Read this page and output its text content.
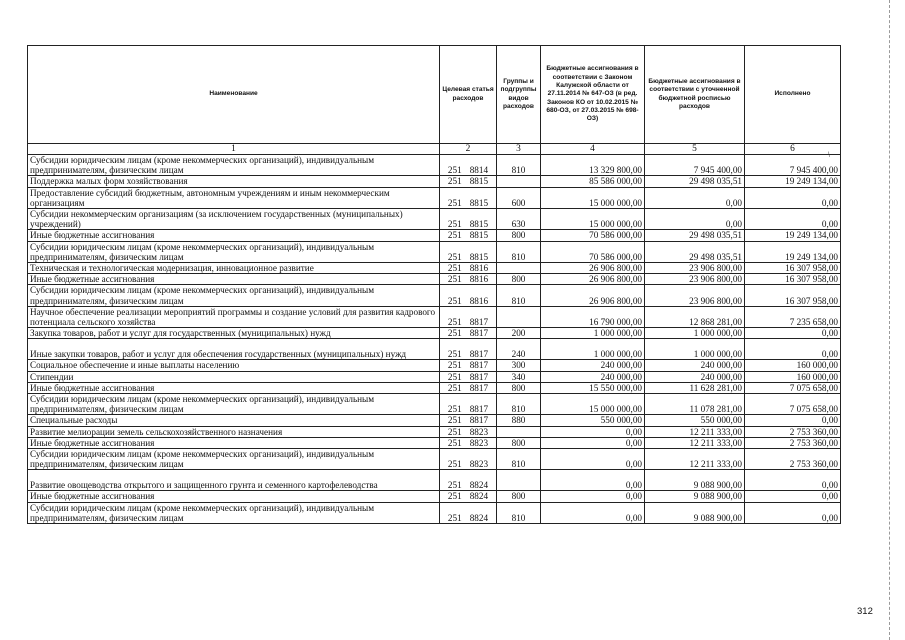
\
Наименование	Целевая статья расходов	Группы и подгруппы видов расходов	Бюджетные ассигнования в соответствии с Законом Калужской области от 27.11.2014 № 647-ОЗ (в ред. Законов КО от 10.02.2015 № 680-ОЗ, от 27.03.2015 № 698-ОЗ)	Бюджетные ассигнования в соответствии с уточненной бюджетной росписью расходов	Исполнено
1	2	3	4	5	6
Субсидии юридическим лицам (кроме некоммерческих организаций), индивидуальным предпринимателям, физическим лицам	251 8814	810	13 329 800,00	7 945 400,00	7 945 400,00
Поддержка малых форм хозяйствования	251 8815		85 586 000,00	29 498 035,51	19 249 134,00
Предоставление субсидий бюджетным, автономным учреждениям и иным некоммерческим организациям	251 8815	600	15 000 000,00	0,00	0,00
Субсидии некоммерческим организациям (за исключением государственных (муниципальных) учреждений)	251 8815	630	15 000 000,00	0,00	0,00
Иные бюджетные ассигнования	251 8815	800	70 586 000,00	29 498 035,51	19 249 134,00
Субсидии юридическим лицам (кроме некоммерческих организаций), индивидуальным предпринимателям, физическим лицам	251 8815	810	70 586 000,00	29 498 035,51	19 249 134,00
Техническая и технологическая модернизация, инновационное развитие	251 8816		26 906 800,00	23 906 800,00	16 307 958,00
Иные бюджетные ассигнования	251 8816	800	26 906 800,00	23 906 800,00	16 307 958,00
Субсидии юридическим лицам (кроме некоммерческих организаций), индивидуальным предпринимателям, физическим лицам	251 8816	810	26 906 800,00	23 906 800,00	16 307 958,00
Научное обеспечение реализации мероприятий программы и создание условий для развития кадрового потенциала сельского хозяйства	251 8817		16 790 000,00	12 868 281,00	7 235 658,00
Закупка товаров, работ и услуг для государственных (муниципальных) нужд	251 8817	200	1 000 000,00	1 000 000,00	0,00
Иные закупки товаров, работ и услуг для обеспечения государственных (муниципальных) нужд	251 8817	240	1 000 000,00	1 000 000,00	0,00
Социальное обеспечение и иные выплаты населению	251 8817	300	240 000,00	240 000,00	160 000,00
Стипендии	251 8817	340	240 000,00	240 000,00	160 000,00
Иные бюджетные ассигнования	251 8817	800	15 550 000,00	11 628 281,00	7 075 658,00
Субсидии юридическим лицам (кроме некоммерческих организаций), индивидуальным предпринимателям, физическим лицам	251 8817	810	15 000 000,00	11 078 281,00	7 075 658,00
Специальные расходы	251 8817	880	550 000,00	550 000,00	0,00
Развитие мелиорации земель сельскохозяйственного назначения	251 8823		0,00	12 211 333,00	2 753 360,00
Иные бюджетные ассигнования	251 8823	800	0,00	12 211 333,00	2 753 360,00
Субсидии юридическим лицам (кроме некоммерческих организаций), индивидуальным предпринимателям, физическим лицам	251 8823	810	0,00	12 211 333,00	2 753 360,00
Развитие овощеводства открытого и защищенного грунта и семенного картофелеводства	251 8824		0,00	9 088 900,00	0,00
Иные бюджетные ассигнования	251 8824	800	0,00	9 088 900,00	0,00
Субсидии юридическим лицам (кроме некоммерческих организаций), индивидуальным предпринимателям, физическим лицам	251 8824	810	0,00	9 088 900,00	0,00
312
